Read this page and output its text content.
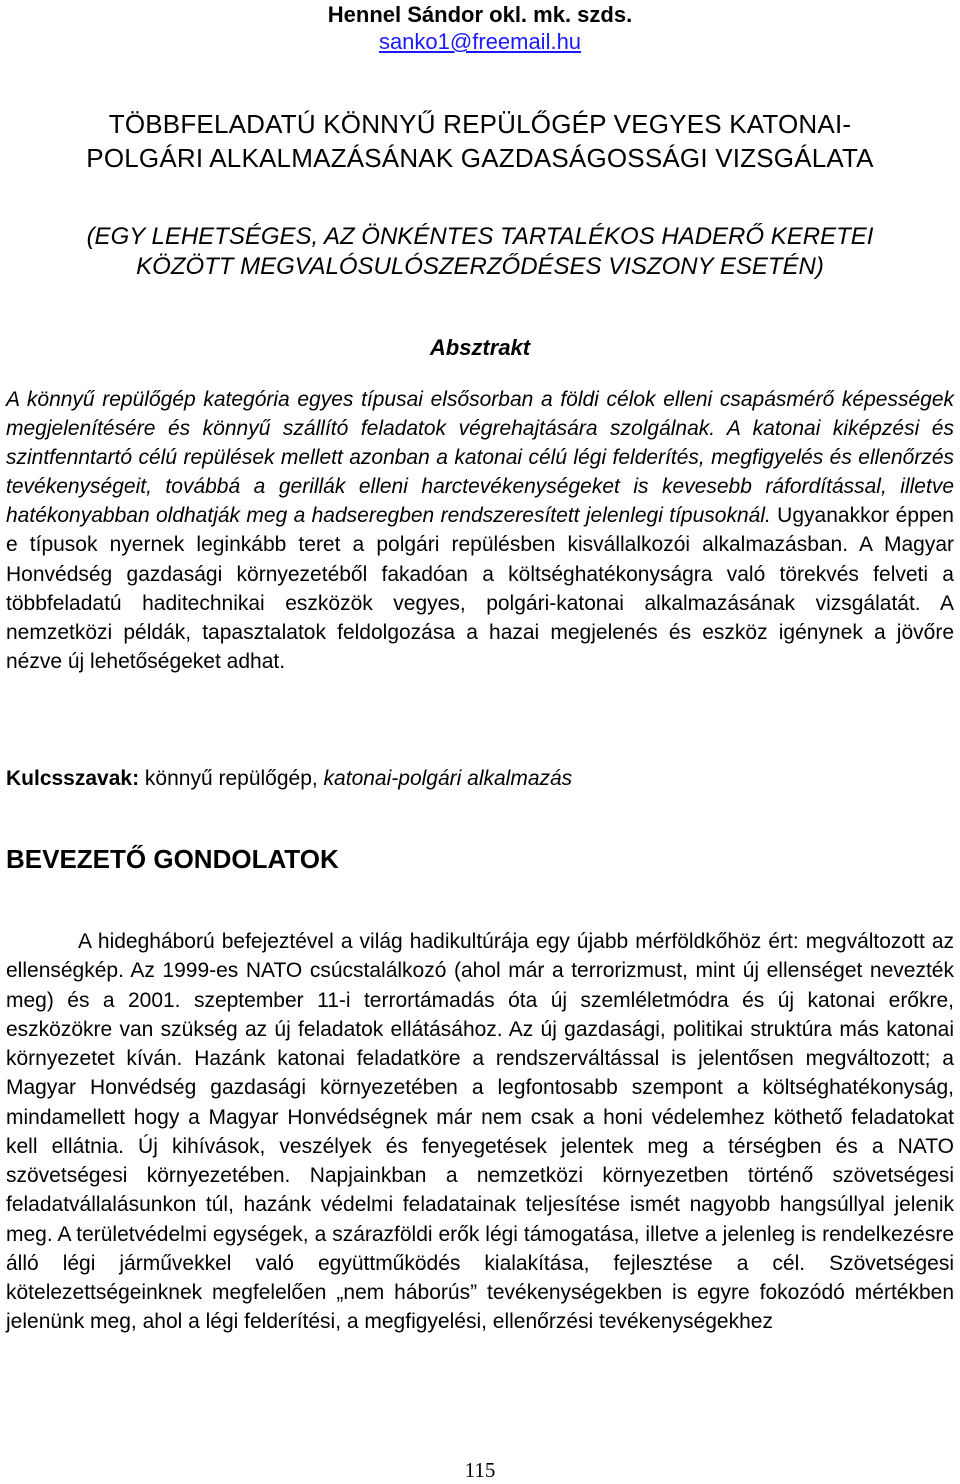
Hennel Sándor okl. mk. szds.
sanko1@freemail.hu
TÖBBFELADATÚ KÖNNYŰ REPÜLŐGÉP VEGYES KATONAI-
POLGÁRI ALKALMAZÁSÁNAK GAZDASÁGOSSÁGI VIZSGÁLATA
(EGY LEHETSÉGES, AZ ÖNKÉNTES TARTALÉKOS HADERŐ KERETEI
KÖZÖTT MEGVALÓSULÓSZERZŐDÉSES VISZONY ESETÉN)
Absztrakt
A könnyű repülőgép kategória egyes típusai elsősorban a földi célok elleni csapásmérő képességek megjelenítésére és könnyű szállító feladatok végrehajtására szolgálnak. A katonai kiképzési és szintfenntartó célú repülések mellett azonban a katonai célú légi felderítés, megfigyelés és ellenőrzés tevékenységeit, továbbá a gerillák elleni harctevékenységeket is kevesebb ráfordítással, illetve hatékonyabban oldhatják meg a hadseregben rendszeresített jelenlegi típusoknál. Ugyanakkor éppen e típusok nyernek leginkább teret a polgári repülésben kisvállalkozói alkalmazásban. A Magyar Honvédség gazdasági környezetéből fakadóan a költséghatékonyságra való törekvés felveti a többfeladatú haditechnikai eszközök vegyes, polgári-katonai alkalmazásának vizsgálatát. A nemzetközi példák, tapasztalatok feldolgozása a hazai megjelenés és eszköz igénynek a jövőre nézve új lehetőségeket adhat.
Kulcsszavak: könnyű repülőgép, katonai-polgári alkalmazás
BEVEZETŐ GONDOLATOK
A hidegháború befejeztével a világ hadikultúrája egy újabb mérföldkőhöz ért: megváltozott az ellenségkép. Az 1999-es NATO csúcstalálkozó (ahol már a terrorizmust, mint új ellenséget nevezték meg) és a 2001. szeptember 11-i terrortámadás óta új szemléletmódra és új katonai erőkre, eszközökre van szükség az új feladatok ellátásához. Az új gazdasági, politikai struktúra más katonai környezetet kíván. Hazánk katonai feladatköre a rendszerváltással is jelentősen megváltozott; a Magyar Honvédség gazdasági környezetében a legfontosabb szempont a költséghatékonyság, mindamellett hogy a Magyar Honvédségnek már nem csak a honi védelemhez köthető feladatokat kell ellátnia. Új kihívások, veszélyek és fenyegetések jelentek meg a térségben és a NATO szövetségesi környezetében. Napjainkban a nemzetközi környezetben történő szövetségesi feladatvállalásunkon túl, hazánk védelmi feladatainak teljesítése ismét nagyobb hangsúllyal jelenik meg. A területvédelmi egységek, a szárazföldi erők légi támogatása, illetve a jelenleg is rendelkezésre álló légi járművekkel való együttműködés kialakítása, fejlesztése a cél. Szövetségesi kötelezettségeinknek megfelelően „nem háborús” tevékenységekben is egyre fokozódó mértékben jelenünk meg, ahol a légi felderítési, a megfigyelési, ellenőrzési tevékenységekhez
115
